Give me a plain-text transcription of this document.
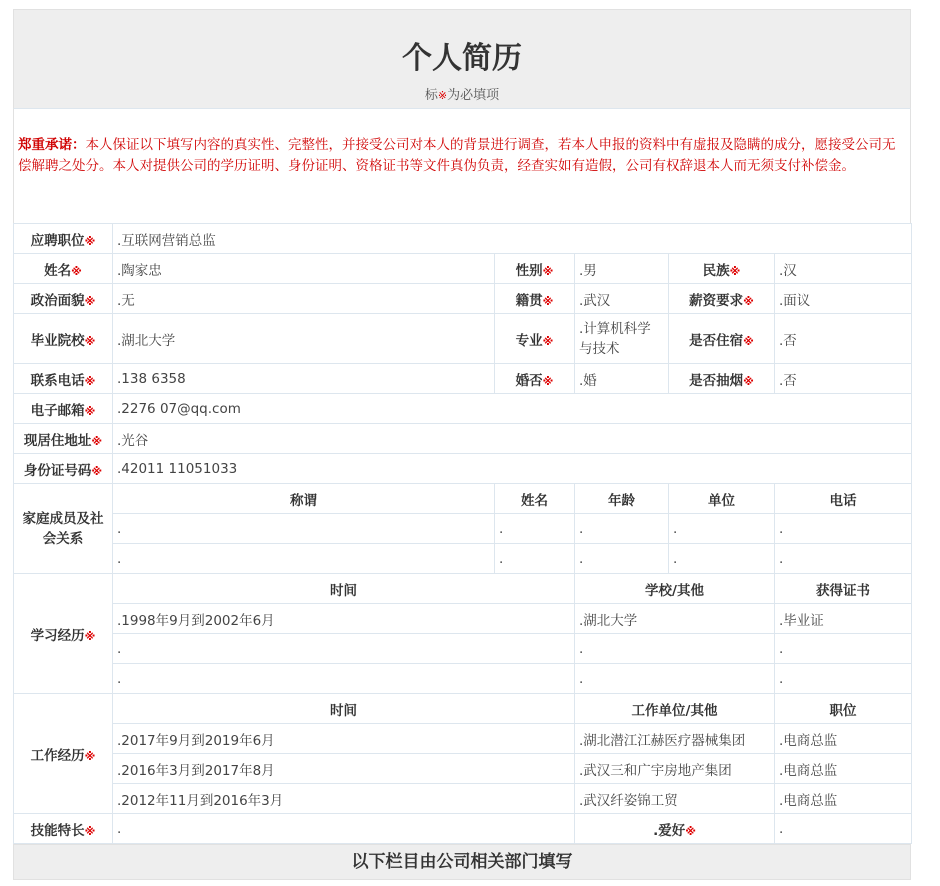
个人简历
标※为必填项
郑重承诺：本人保证以下填写内容的真实性、完整性，并接受公司对本人的背景进行调查，若本人申报的资料中有虚报及隐瞒的成分，愿接受公司无偿解聘之处分。本人对提供公司的学历证明、身份证明、资格证书等文件真伪负责，经查实如有造假，公司有权辞退本人而无须支付补偿金。
应聘职位※	.互联网营销总监				
姓名※	.陶家忠	性别※	.男	民族※	.汉
政治面貌※	.无	籍贯※	.武汉	薪资要求※	.面议
毕业院校※	.湖北大学	专业※	.计算机科学与技术	是否住宿※	.否
联系电话※	.138 6358	婚否※	.婚	是否抽烟※	.否
电子邮箱※	.2276 07@qq.com				
现居住地址※	.光谷				
身份证号码※	.42011 11051033				
家庭成员及社会关系	称谓	姓名	年龄	单位	电话
	.	.	.	.	.
	.	.	.	.	.
学习经历※	时间		学校/其他		获得证书
	.1998年9月到2002年6月		.湖北大学		.毕业证
	.		.		.
	.		.		.
工作经历※	时间		工作单位/其他		职位
	.2017年9月到2019年6月		.湖北潜江江赫医疗器械集团		.电商总监
	.2016年3月到2017年8月		.武汉三和广宇房地产集团		.电商总监
	.2012年11月到2016年3月		.武汉纤姿锦工贸		.电商总监
技能特长※	.		.爱好※		.
以下栏目由公司相关部门填写
